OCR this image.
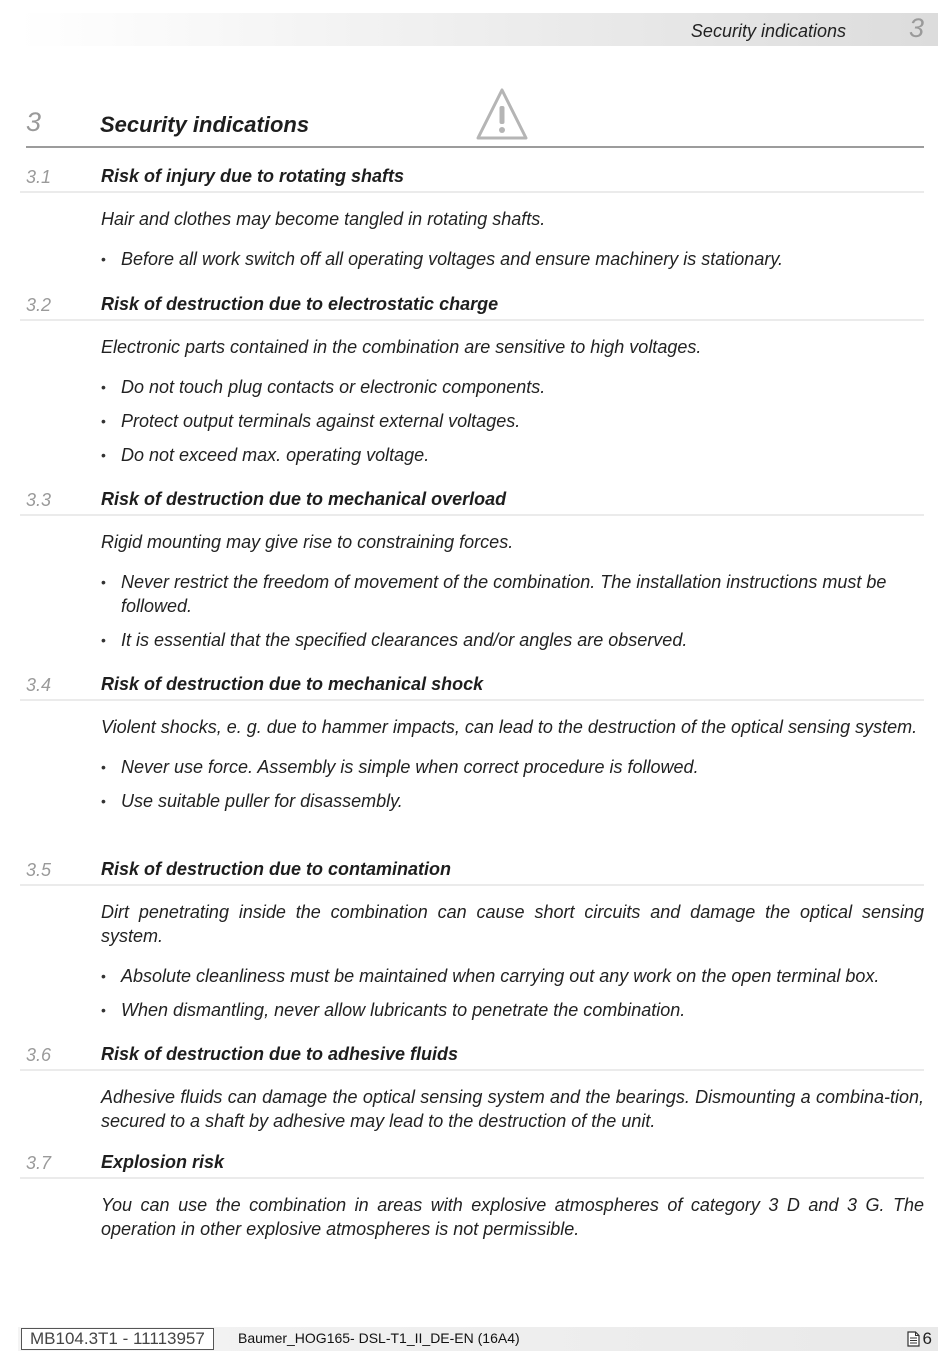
Security indications 3
3	Security indications
3.1	Risk of injury due to rotating shafts

Hair and clothes may become tangled in rotating shafts.

• Before all work switch off all operating voltages and ensure machinery is stationary.
3.2	Risk of destruction due to electrostatic charge

Electronic parts contained in the combination are sensitive to high voltages.

• Do not touch plug contacts or electronic components.
• Protect output terminals against external voltages.
• Do not exceed max. operating voltage.
3.3	Risk of destruction due to mechanical overload

Rigid mounting may give rise to constraining forces.

• Never restrict the freedom of movement of the combination. The installation instructions must be followed.
• It is essential that the specified clearances and/or angles are observed.
3.4	Risk of destruction due to mechanical shock

Violent shocks, e. g. due to hammer impacts, can lead to the destruction of the optical sensing system.

• Never use force. Assembly is simple when correct procedure is followed.
• Use suitable puller for disassembly.
3.5	Risk of destruction due to contamination

Dirt penetrating inside the combination can cause short circuits and damage the optical sensing system.

• Absolute cleanliness must be maintained when carrying out any work on the open terminal box.
• When dismantling, never allow lubricants to penetrate the combination.
3.6	Risk of destruction due to adhesive fluids

Adhesive fluids can damage the optical sensing system and the bearings. Dismounting a combina-tion, secured to a shaft by adhesive may lead to the destruction of the unit.

3.7	Explosion risk

You can use the combination in areas with explosive atmospheres of category 3 D and 3 G. The operation in other explosive atmospheres is not permissible.

MB104.3T1 - 11113957	Baumer_HOG165- DSL-T1_II_DE-EN (16A4)	6
